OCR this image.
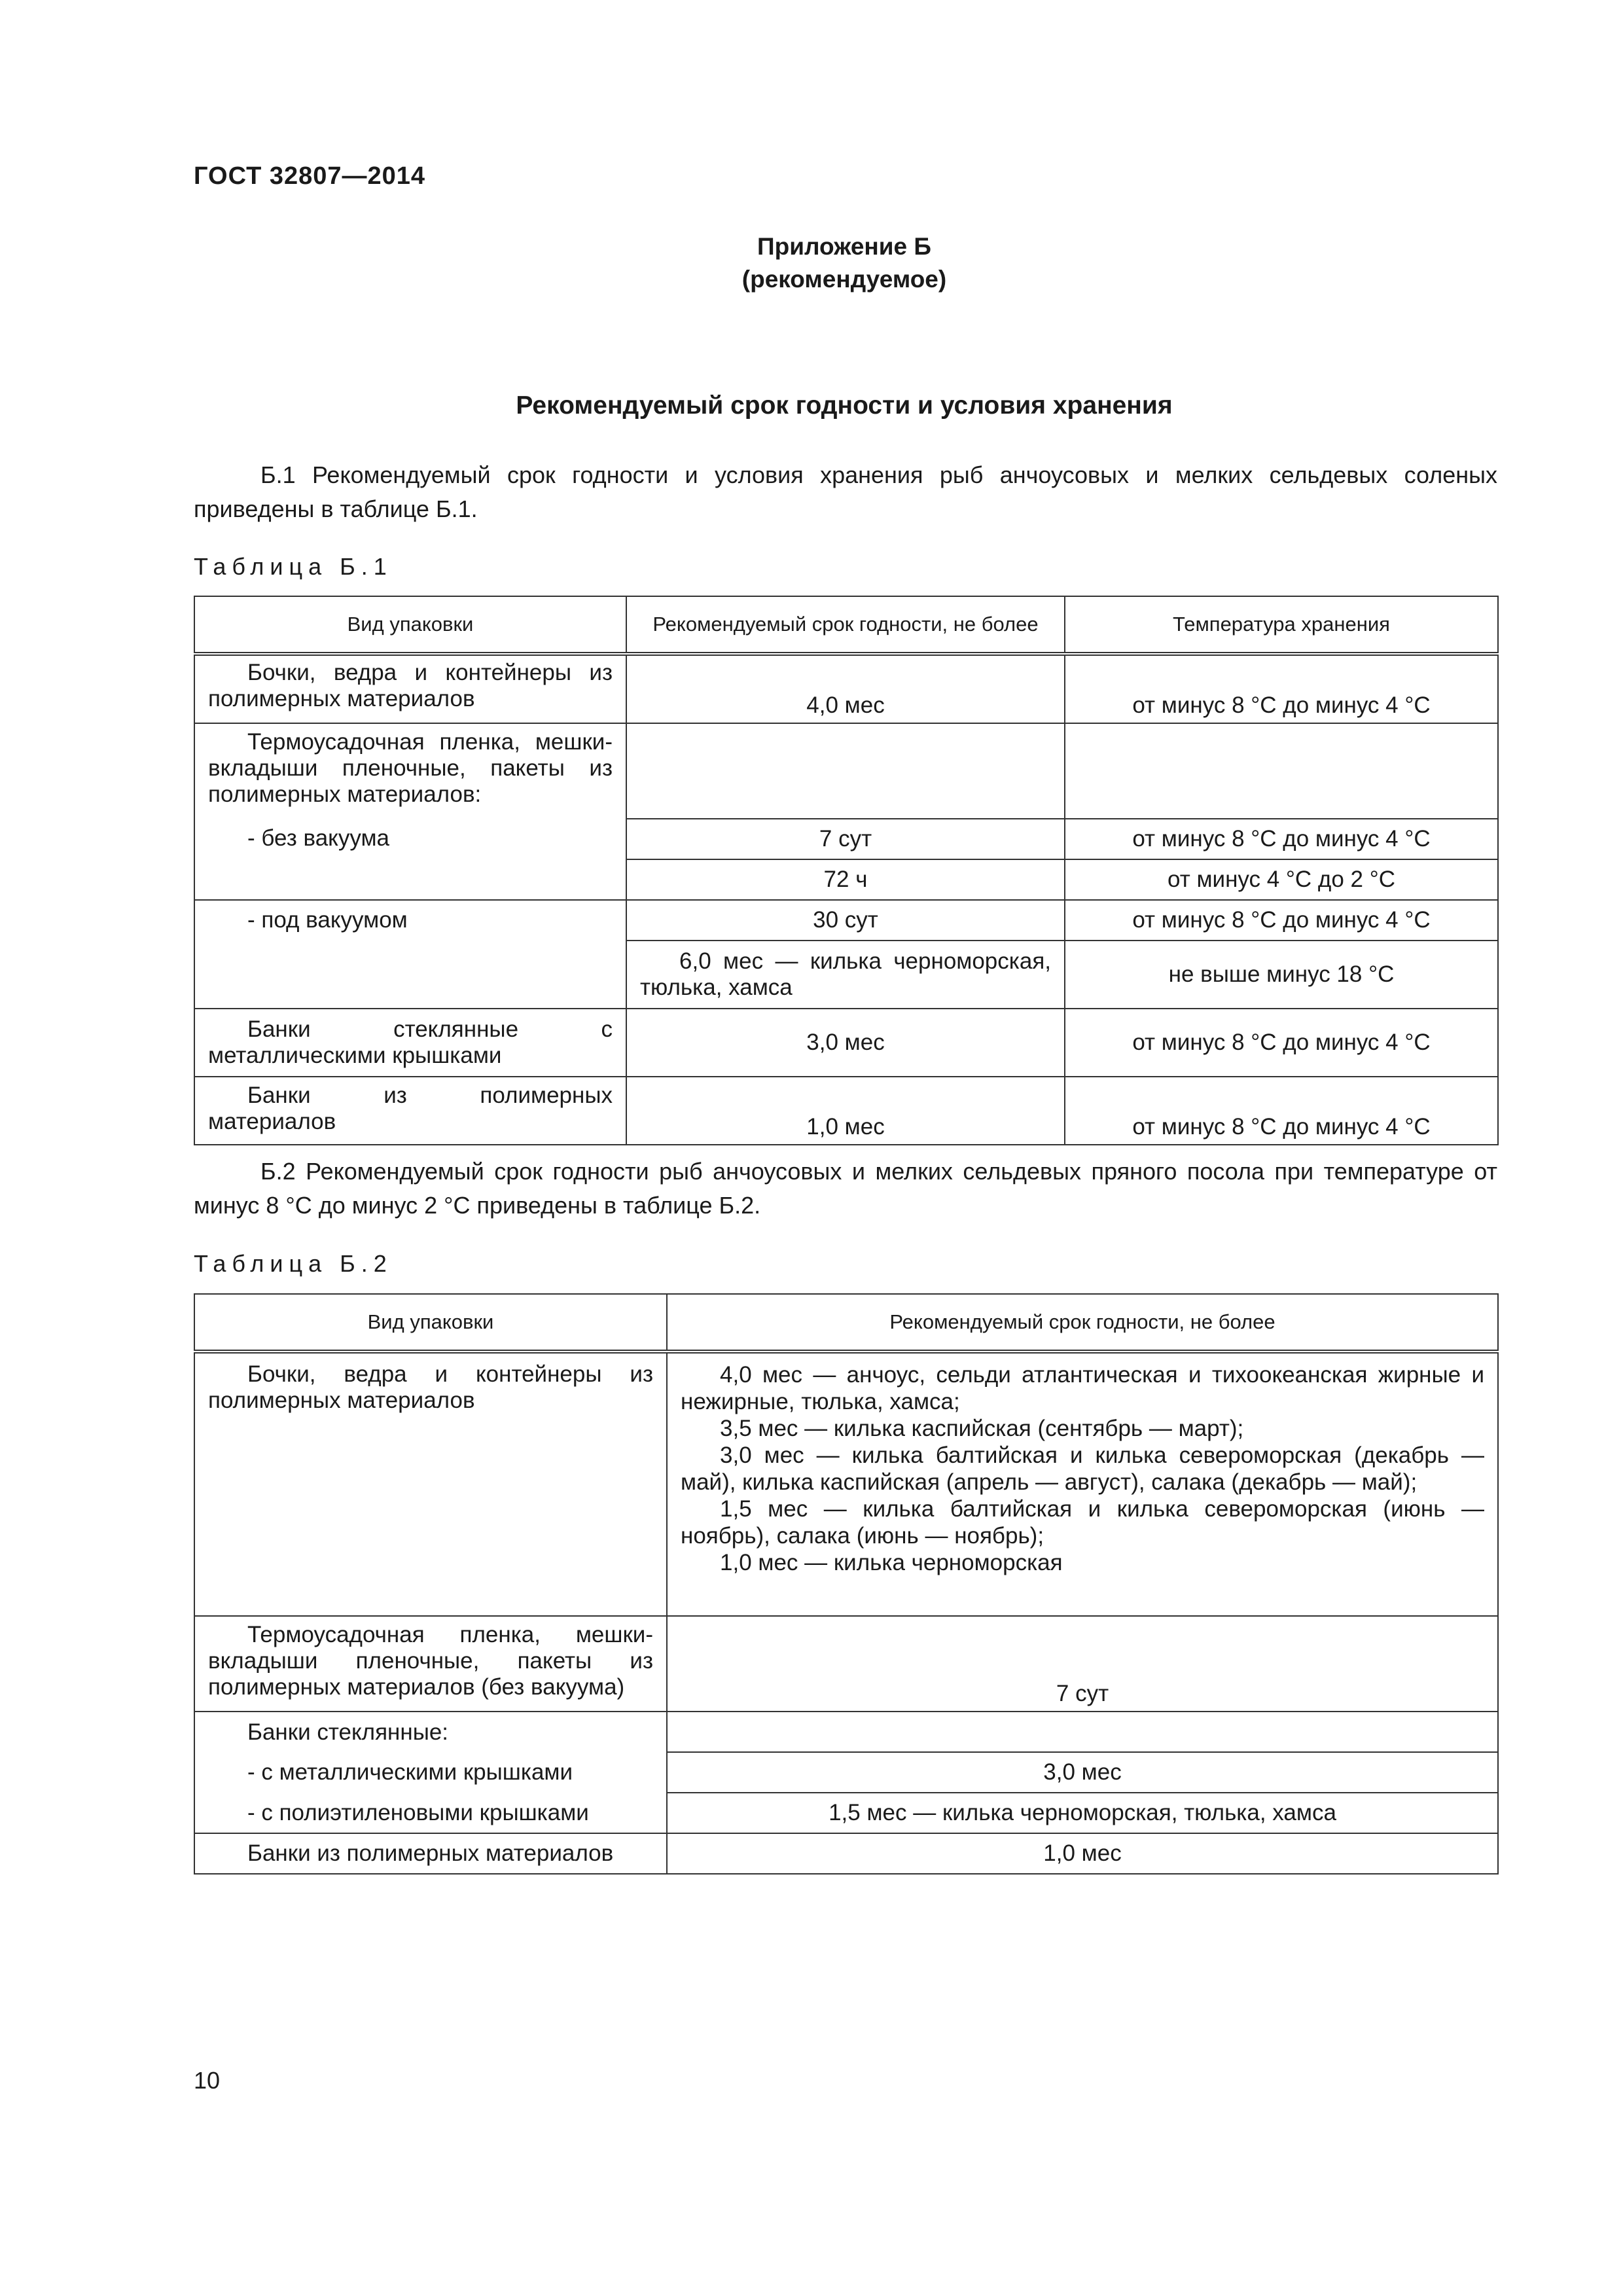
ГОСТ 32807—2014
Приложение Б
(рекомендуемое)
Рекомендуемый срок годности и условия хранения
Б.1 Рекомендуемый срок годности и условия хранения рыб анчоусовых и мелких сельдевых соленых приведены в таблице Б.1.
Таблица Б.1
Вид упаковки	Рекомендуемый срок годности, не более	Температура хранения
Бочки, ведра и контейнеры из полимерных материалов	4,0 мес	от минус 8 °С до минус 4 °С
Термоусадочная пленка, мешки-вкладыши пленочные, пакеты из полимерных материалов:		
- без вакуума	7 сут	от минус 8 °С до минус 4 °С
	72 ч	от минус 4 °С до 2 °С
- под вакуумом	30 сут	от минус 8 °С до минус 4 °С
	6,0 мес — килька черноморская, тюлька, хамса	не выше минус 18 °С
Банки стеклянные с металлическими крышками	3,0 мес	от минус 8 °С до минус 4 °С
Банки из полимерных материалов	1,0 мес	от минус 8 °С до минус 4 °С
Б.2 Рекомендуемый срок годности рыб анчоусовых и мелких сельдевых пряного посола при температуре от минус 8 °С до минус 2 °С приведены в таблице Б.2.
Таблица Б.2
Вид упаковки	Рекомендуемый срок годности, не более
Бочки, ведра и контейнеры из полимерных материалов	4,0 мес — анчоус, сельди атлантическая и тихоокеанская жирные и нежирные, тюлька, хамса;
3,5 мес — килька каспийская (сентябрь — март);
3,0 мес — килька балтийская и килька североморская (декабрь — май), килька каспийская (апрель — август), салака (декабрь — май);
1,5 мес — килька балтийская и килька североморская (июнь — ноябрь), салака (июнь — ноябрь);
1,0 мес — килька черноморская

Термоусадочная пленка, мешки-вкладыши пленочные, пакеты из полимерных материалов (без вакуума)	7 сут
Банки стеклянные:	
- с металлическими крышками	3,0 мес
- с полиэтиленовыми крышками	1,5 мес — килька черноморская, тюлька, хамса
Банки из полимерных материалов	1,0 мес
10
